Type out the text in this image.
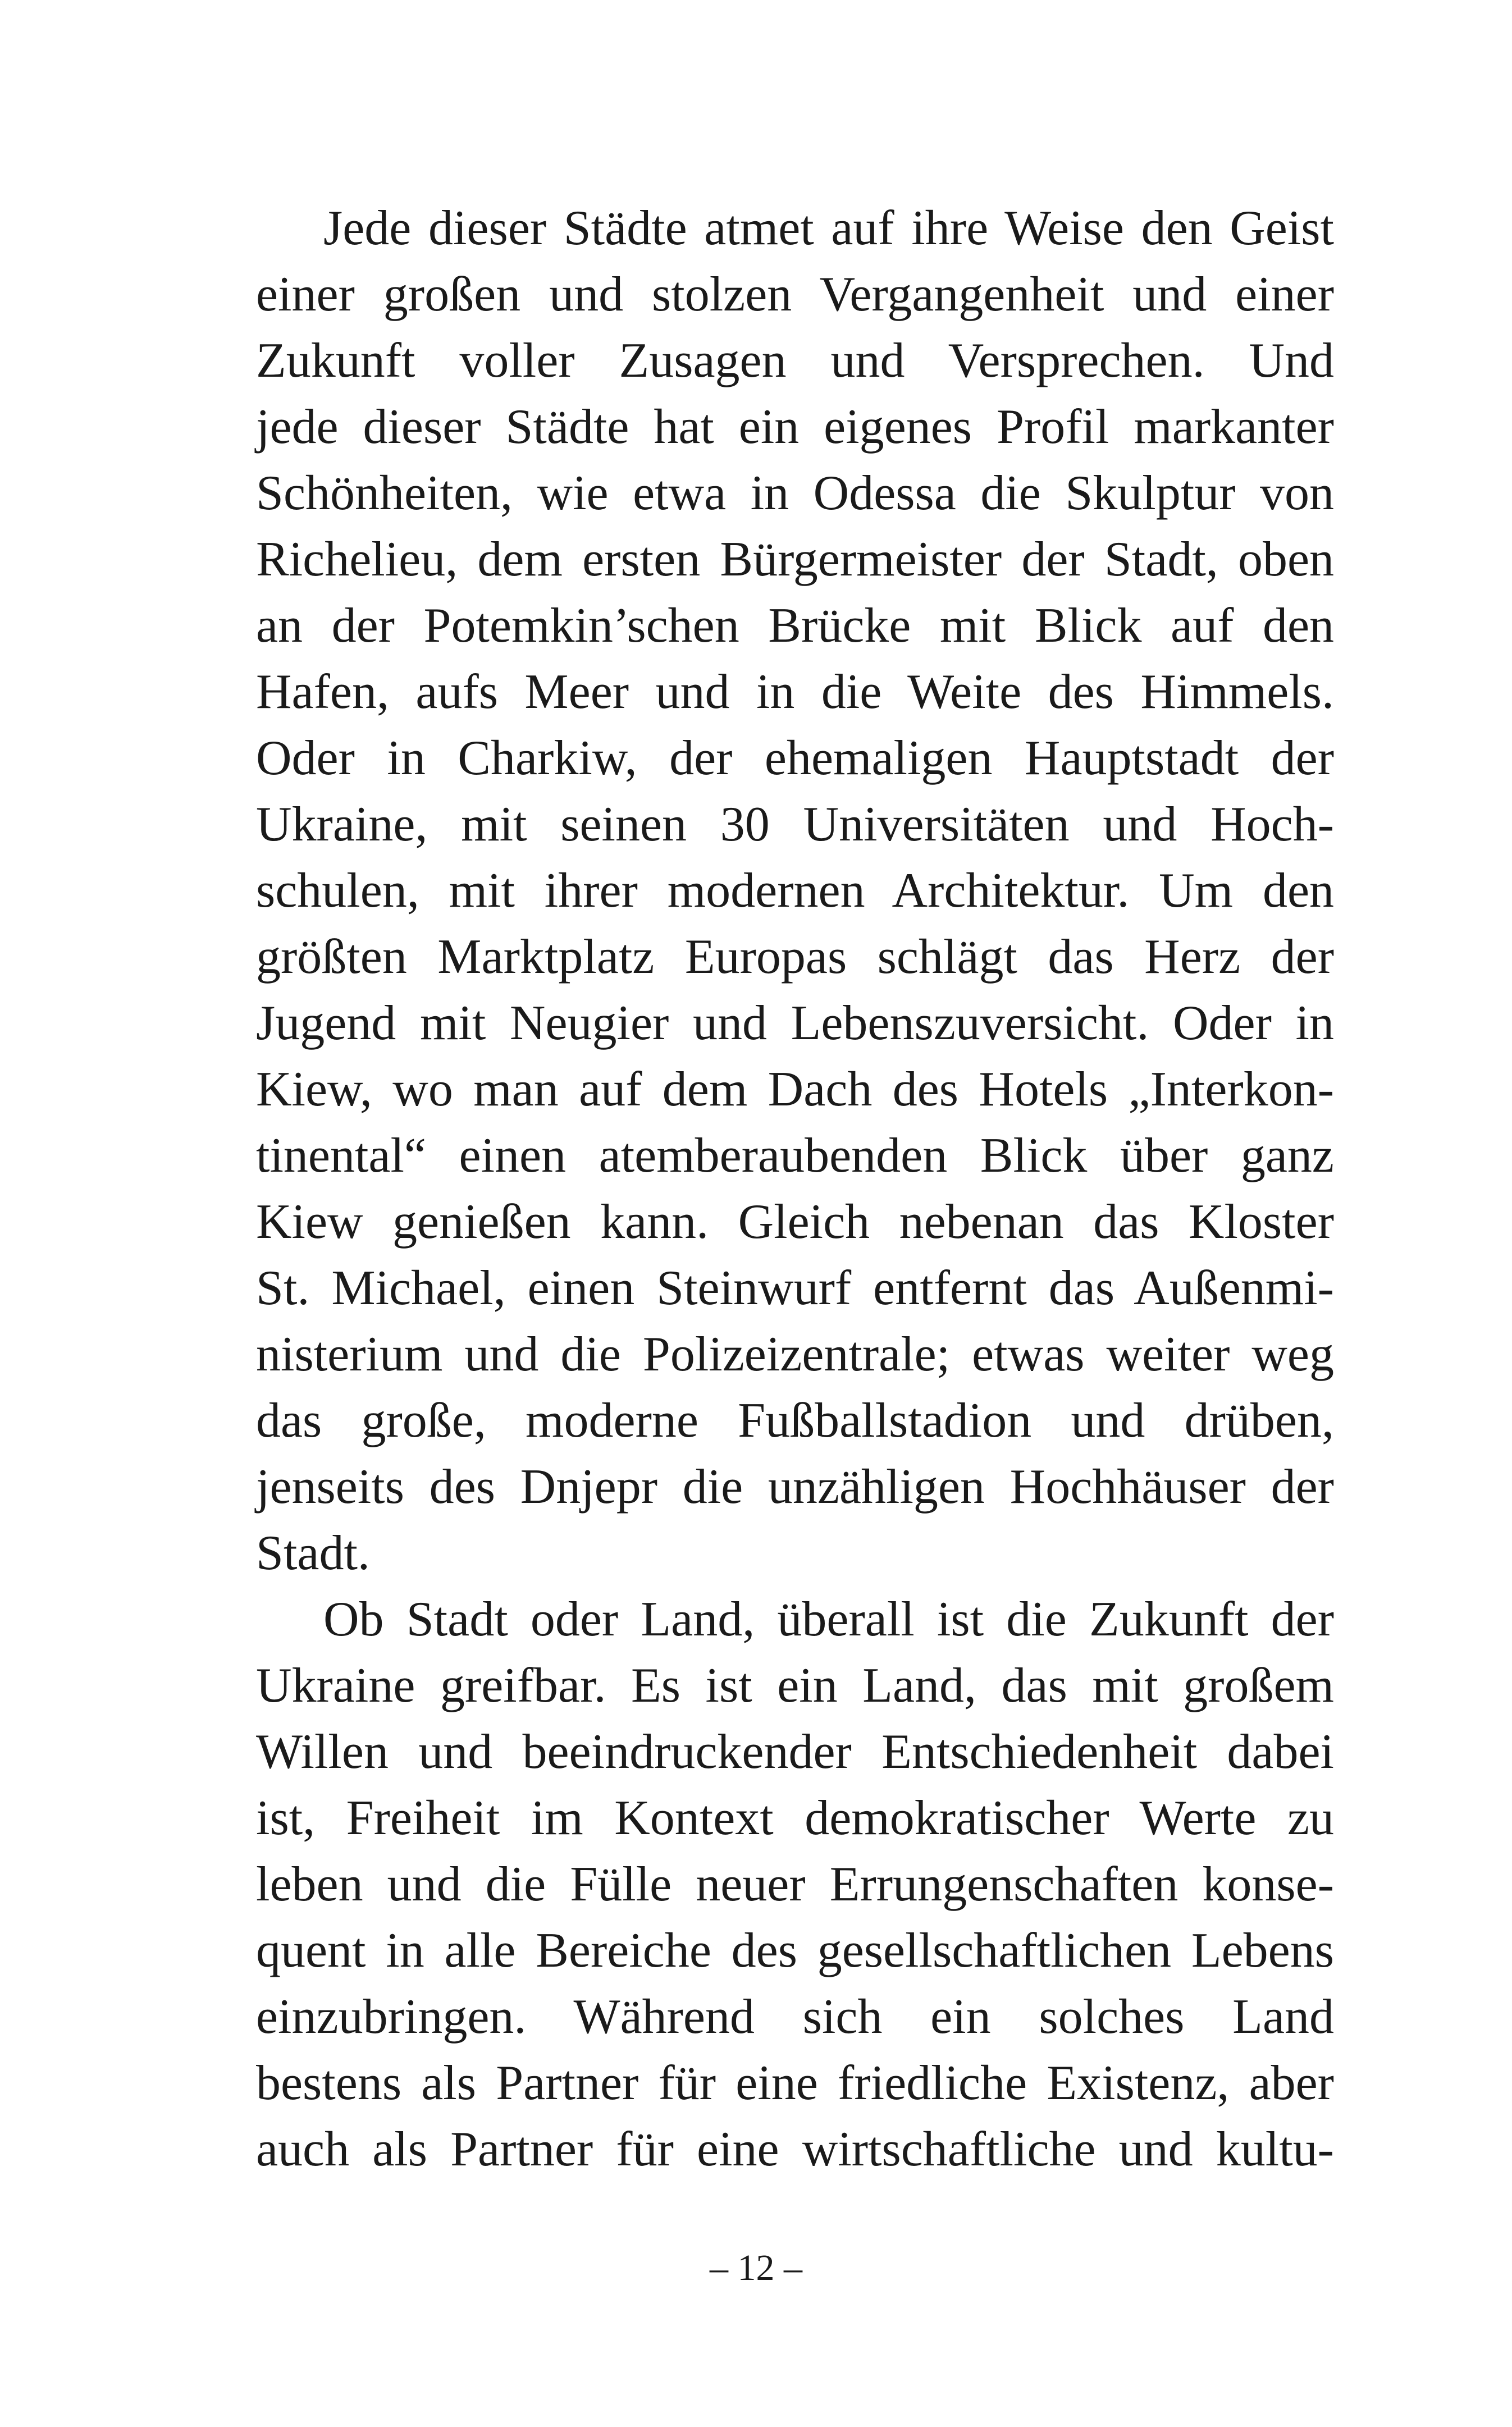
Jede dieser Städte atmet auf ihre Weise den Geist
einer großen und stolzen Vergangenheit und einer
Zukunft voller Zusagen und Versprechen. Und
jede dieser Städte hat ein eigenes Profil markanter
Schönheiten, wie etwa in Odessa die Skulptur von
Richelieu, dem ersten Bürgermeister der Stadt, oben
an der Potemkin’schen Brücke mit Blick auf den
Hafen, aufs Meer und in die Weite des Himmels.
Oder in Charkiw, der ehemaligen Hauptstadt der
Ukraine, mit seinen 30 Universitäten und Hoch-
schulen, mit ihrer modernen Architektur. Um den
größten Marktplatz Europas schlägt das Herz der
Jugend mit Neugier und Lebenszuversicht. Oder in
Kiew, wo man auf dem Dach des Hotels „Interkon-
tinental“ einen atemberaubenden Blick über ganz
Kiew genießen kann. Gleich nebenan das Kloster
St. Michael, einen Steinwurf entfernt das Außenmi-
nisterium und die Polizeizentrale; etwas weiter weg
das große, moderne Fußballstadion und drüben,
jenseits des Dnjepr die unzähligen Hochhäuser der
Stadt.
Ob Stadt oder Land, überall ist die Zukunft der
Ukraine greifbar. Es ist ein Land, das mit großem
Willen und beeindruckender Entschiedenheit dabei
ist, Freiheit im Kontext demokratischer Werte zu
leben und die Fülle neuer Errungenschaften konse-
quent in alle Bereiche des gesellschaftlichen Lebens
einzubringen. Während sich ein solches Land
bestens als Partner für eine friedliche Existenz, aber
auch als Partner für eine wirtschaftliche und kultu-
– 12 –
